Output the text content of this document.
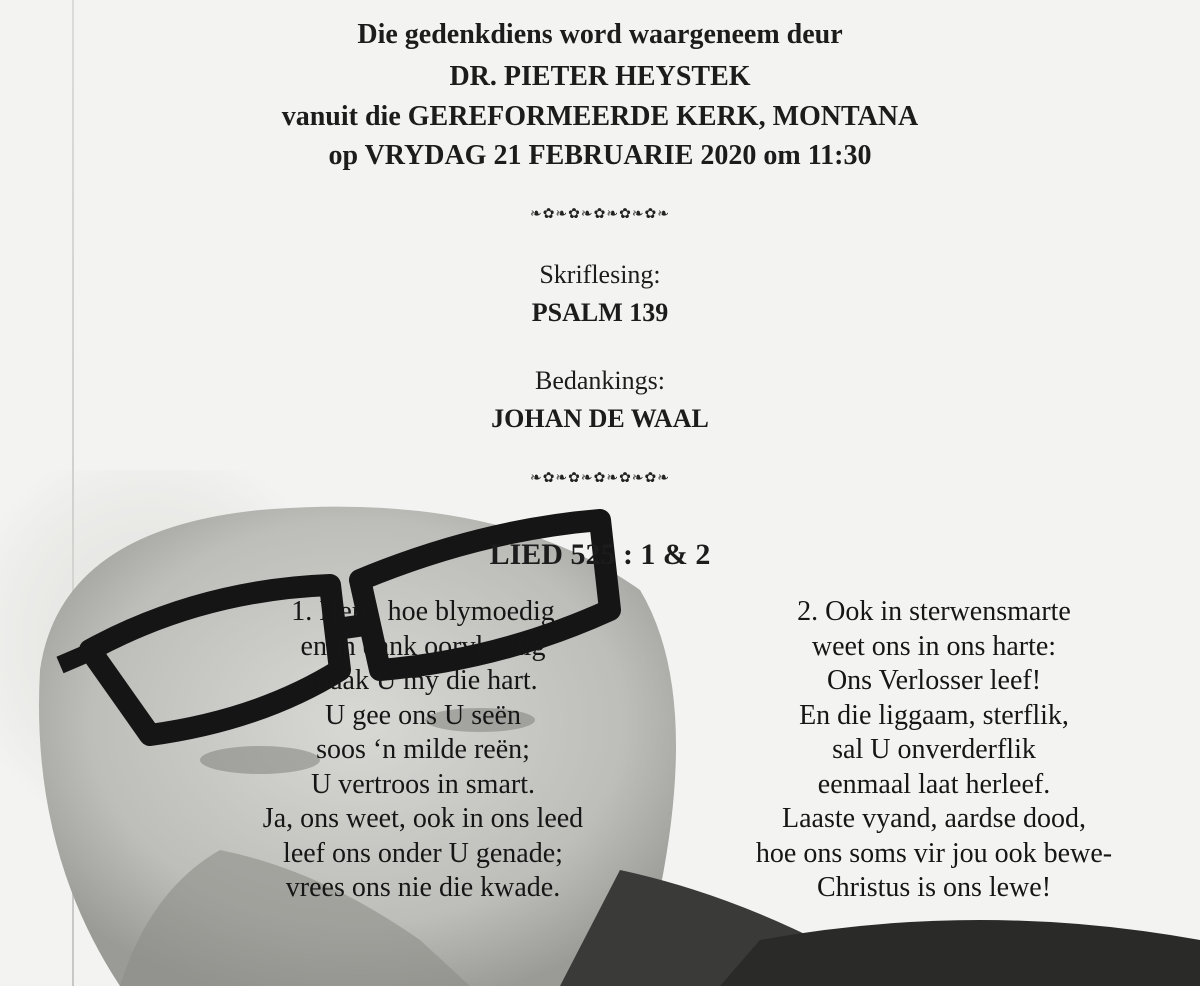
Die gedenkdiens word waargeneem deur
DR. PIETER HEYSTEK
vanuit die GEREFORMEERDE KERK, MONTANA
op VRYDAG 21 FEBRUARIE 2020 om 11:30
❧✿❧✿❧✿❧✿❧✿❧
Skriflesing:
PSALM 139
Bedankings:
JOHAN DE WAAL
❧✿❧✿❧✿❧✿❧✿❧
LIED 525 : 1 & 2
1. Here, hoe blymoedig
en in dank oorvloedig
maak U my die hart.
U gee ons U seën
soos ‘n milde reën;
U vertroos in smart.
Ja, ons weet, ook in ons leed
leef ons onder U genade;
vrees ons nie die kwade.
2. Ook in sterwensmarte
weet ons in ons harte:
Ons Verlosser leef!
En die liggaam, sterflik,
sal U onverderflik
eenmaal laat herleef.
Laaste vyand, aardse dood,
hoe ons soms vir jou ook bewe-
Christus is ons lewe!
